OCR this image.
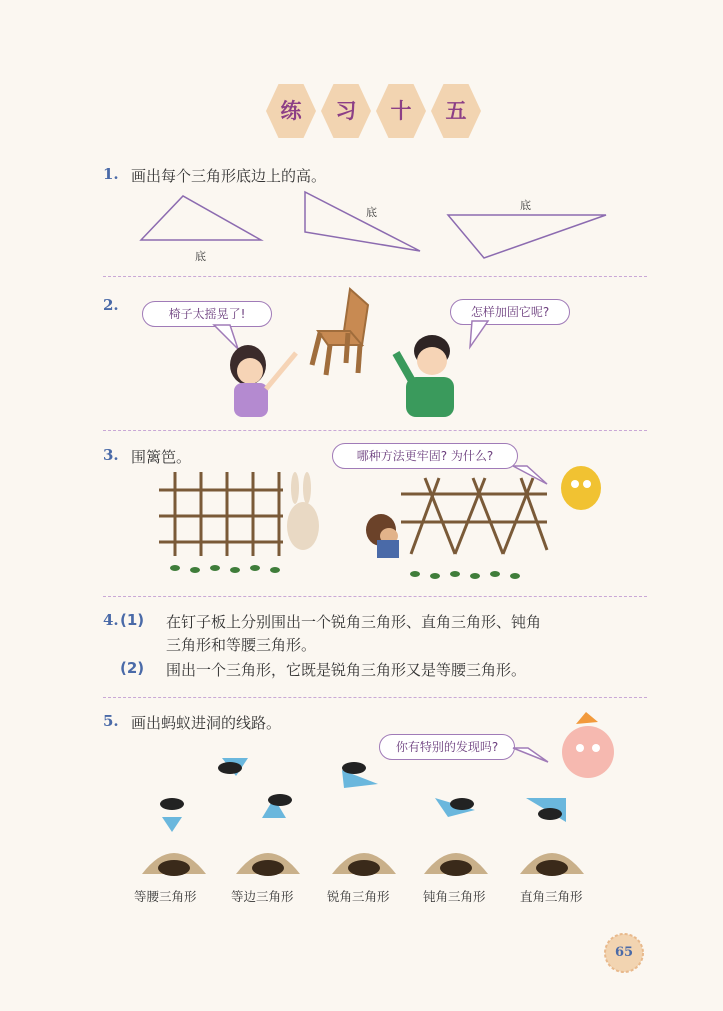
练	习	十	五
1. 画出每个三角形底边上的高。
底
底
底
2.	椅子太摇晃了!	怎样加固它呢?
3. 围篱笆。	哪种方法更牢固? 为什么?
4. (1) 在钉子板上分别围出一个锐角三角形、直角三角形、钝角
三角形和等腰三角形。
(2) 围出一个三角形，它既是锐角三角形又是等腰三角形。
5. 画出蚂蚁进洞的线路。
你有特别的发现吗?
等腰三角形	等边三角形	锐角三角形	钝角三角形	直角三角形
65
